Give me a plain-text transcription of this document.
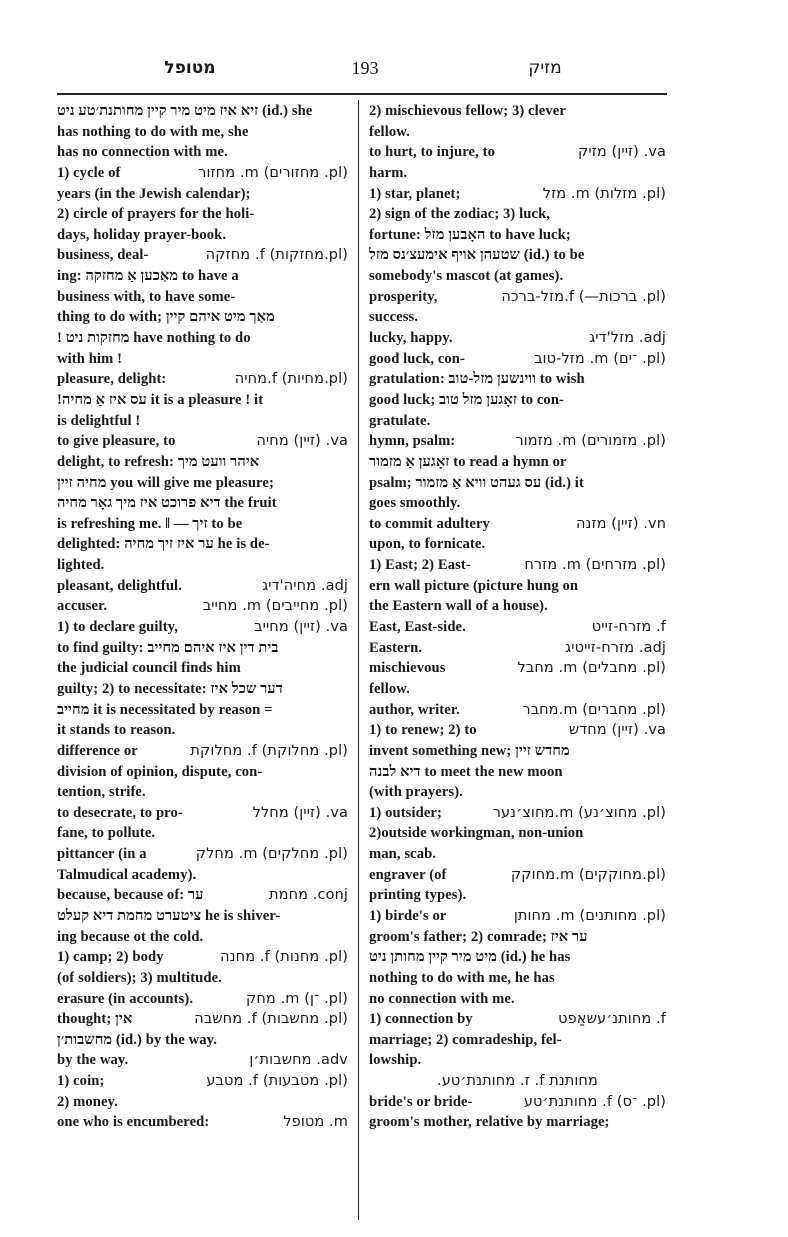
מטופל	193	מזיק
זיא איז מיט מיר קיין מחותנת׳טע ניט (id.) she
has nothing to do with me, she
has no connection with me.
1) cycle of	(pl. מחזורים) m. מחזור
years (in the Jewish calendar);
2) circle of prayers for the holi-
days, holiday prayer-book.
business, deal-	(pl.מחזקות) f. מחזקה
ing: מאַכען אַ מחזקה to have a
business with, to have some-
thing to do with; מאַך מיט איהם קיין
! מחזקות ניט have nothing to do
with him !
pleasure, delight:	(pl.מחיות) f.מחיה
!עס איז אַ מחיה it is a pleasure ! it
is delightful !
to give pleasure, to	va. (זיין) מחיה
delight, to refresh: איהר וועט מיך
מחיה זיין you will give me pleasure;
דיא פרוכט איז מיך גאָר מחיה the fruit
is refreshing me. ‖ — זיך to be
delighted: ער איז זיך מחיה he is de-
lighted.
pleasant, delightful.	adj. מחיה'דיג
accuser.	(pl. מחייבים) m. מחייב
1) to declare guilty,	va. (זיין) מחייב
to find guilty: בית דין איז איהם מחייב
the judicial council finds him
guilty; 2) to necessitate: דער שכל איז
מחייב it is necessitated by reason =
it stands to reason.
difference or	(pl. מחלוקת) f. מחלוקת
division of opinion, dispute, con-
tention, strife.
to desecrate, to pro-	va. (זיין) מחלל
fane, to pollute.
pittancer (in a	(pl. מחלקים) m. מחלק
Talmudical academy).
because, because of: ער	conj. מחמת
ציטערט מחמת דיא קעלט he is shiver-
ing because ot the cold.
1) camp; 2) body	(pl. מחנות) f. מחנה
(of soldiers); 3) multitude.
erasure (in accounts).	(pl. ־ן) m. מחק
thought; אין	(pl. מחשבות) f. מחשבה
מחשבות׳ן (id.) by the way.
by the way.	adv. מחשבות׳ן
1) coin;	(pl. מטבעות) f. מטבע
2) money.
one who is encumbered:	m. מטופל
2) mischievous fellow; 3) clever
fellow.
to hurt, to injure, to	va. (זיין) מזיק
harm.
1) star, planet;	(pl. מזלות) m. מזל
2) sign of the zodiac; 3) luck,
fortune: האָבען מזל to have luck;
שטעהן אויף אימעצ׳נס מזל (id.) to be
somebody's mascot (at games).
prosperity,	(pl. ברכות—) f.מזל-ברכה
success.
lucky, happy.	adj. מזל'דיג
good luck, con-	(pl. ־ים) m. מזל-טוב
gratulation: ווינשען מזל-טוב to wish
good luck; זאָגען מזל טוב to con-
gratulate.
hymn, psalm:	(pl. מזמורים) m. מזמור
זאָגען אַ מזמור to read a hymn or
psalm; עס געהט וויא אַ מזמור (id.) it
goes smoothly.
to commit adultery	vn. (זיין) מזנה
upon, to fornicate.
1) East; 2) East-	(pl. מזרחים) m. מזרח
ern wall picture (picture hung on
the Eastern wall of a house).
East, East-side.	f. מזרח-זייט
Eastern.	adj. מזרח-זייטיג
mischievous	(pl. מחבלים) m. מחבל
fellow.
author, writer.	(pl. מחברים) m.מחבר
1) to renew; 2) to	va. (זיין) מחדש
invent something new; מחדש זיין
דיא לבנה to meet the new moon
(with prayers).
1) outsider;	(pl. מחוצ׳נע) m.מחוצ׳נער
2)outside workingman, non-union
man, scab.
engraver (of	(pl.מחוקקים) m.מחוקק
printing types).
1) birde's or	(pl. מחותנים) m. מחותן
groom's father; 2) comrade; ער איז
מיט מיר קיין מחותן ניט (id.) he has
nothing to do with me, he has
no connection with me.
1) connection by	f. מחותנ׳עשאַפט
marriage; 2) comradeship, fel-
lowship.
מחותנת f. ז. מחותנת׳טע.
bride's or bride-	(pl. ־ס) f. מחותנת׳טע
groom's mother, relative by marriage;
